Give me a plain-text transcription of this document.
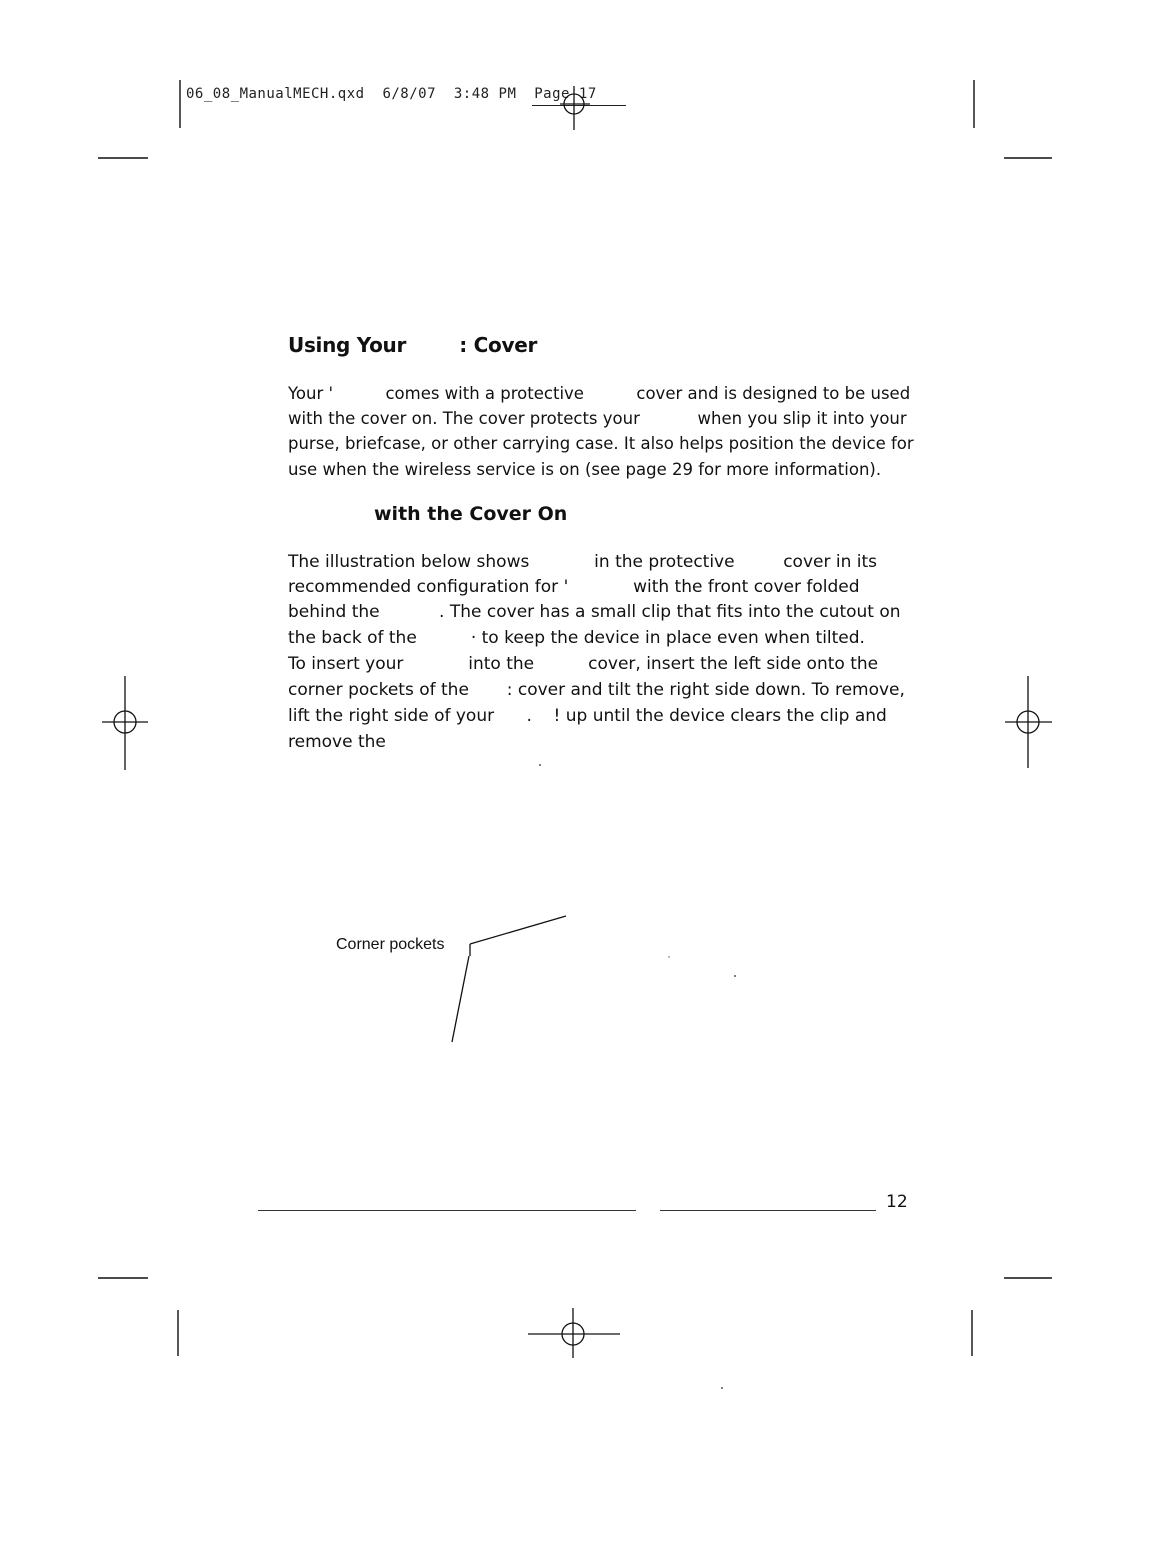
06_08_ManualMECH.qxd 6/8/07 3:48 PM Page 17
Using Your        : Cover
Your '          comes with a protective          cover and is designed to be used
with the cover on. The cover protects your           when you slip it into your
purse, briefcase, or other carrying case. It also helps position the device for
use when the wireless service is on (see page 29 for more information).
with the Cover On
The illustration below shows            in the protective         cover in its
recommended configuration for '            with the front cover folded
behind the           . The cover has a small clip that fits into the cutout on
the back of the          · to keep the device in place even when tilted.
To insert your            into the          cover, insert the left side onto the
corner pockets of the       : cover and tilt the right side down. To remove,
lift the right side of your      .    ! up until the device clears the clip and
remove the
Corner pockets
12
